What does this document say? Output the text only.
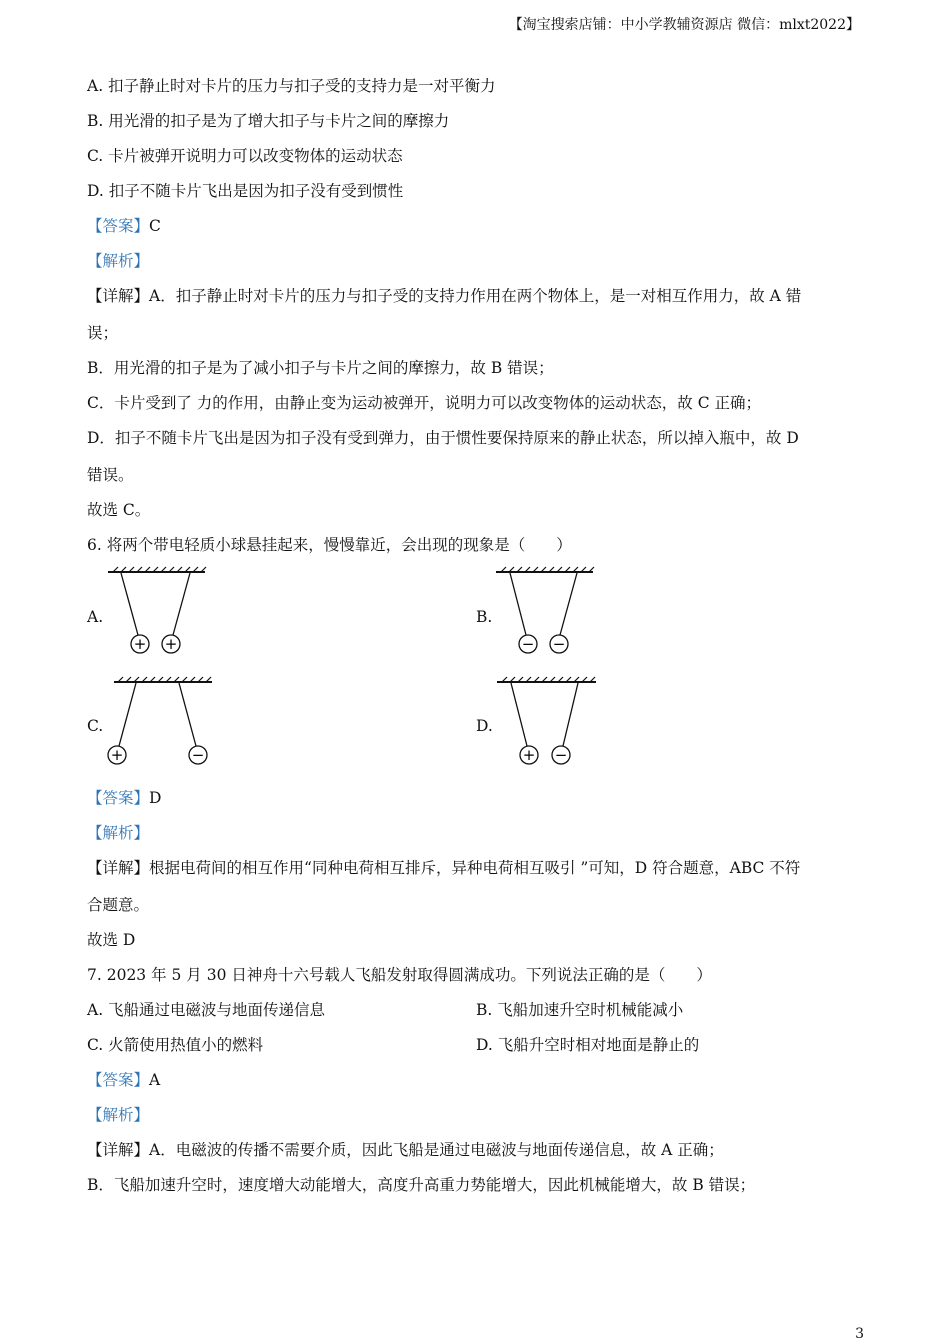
【淘宝搜索店铺：中小学教辅资源店 微信：mlxt2022】
A. 扣子静止时对卡片的压力与扣子受的支持力是一对平衡力
B. 用光滑的扣子是为了增大扣子与卡片之间的摩擦力
C. 卡片被弹开说明力可以改变物体的运动状态
D. 扣子不随卡片飞出是因为扣子没有受到惯性
【答案】C
【解析】
【详解】A．扣子静止时对卡片的压力与扣子受的支持力作用在两个物体上，是一对相互作用力，故 A 错
误；
B．用光滑的扣子是为了减小扣子与卡片之间的摩擦力，故 B 错误；
C．卡片受到了 力的作用，由静止变为运动被弹开，说明力可以改变物体的运动状态，故 C 正确；
D．扣子不随卡片飞出是因为扣子没有受到弹力，由于惯性要保持原来的静止状态，所以掉入瓶中，故 D
错误。
故选 C。
6. 将两个带电轻质小球悬挂起来，慢慢靠近，会出现的现象是（　　）
A.
+ +
B.
− −
C.
+	−
D.
+ −
【答案】D
【解析】
【详解】根据电荷间的相互作用“同种电荷相互排斥，异种电荷相互吸引 ”可知，D 符合题意，ABC 不符
合题意。
故选 D
7. 2023 年 5 月 30 日神舟十六号载人飞船发射取得圆满成功。下列说法正确的是（　　）
A. 飞船通过电磁波与地面传递信息	B. 飞船加速升空时机械能减小
C. 火箭使用热值小的燃料	D. 飞船升空时相对地面是静止的
【答案】A
【解析】
【详解】A．电磁波的传播不需要介质，因此飞船是通过电磁波与地面传递信息，故 A 正确；
B．飞船加速升空时，速度增大动能增大，高度升高重力势能增大，因此机械能增大，故 B 错误；
3
